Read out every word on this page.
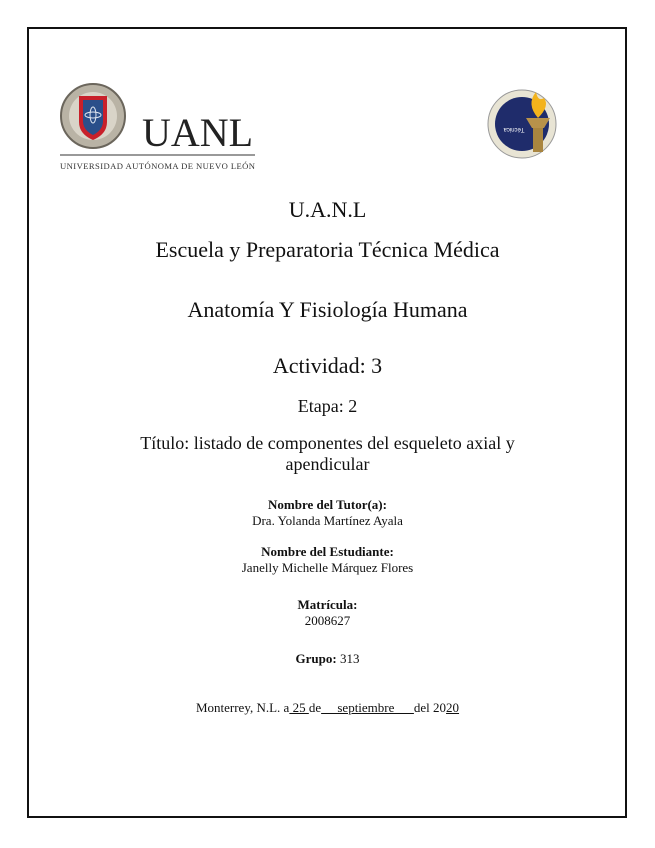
UANL
UNIVERSIDAD AUTÓNOMA DE NUEVO LEÓN
Técnica
U.A.N.L
Escuela y Preparatoria Técnica Médica
Anatomía Y Fisiología Humana
Actividad: 3
Etapa: 2
Título: listado de componentes del esqueleto axial y
apendicular
Nombre del Tutor(a):
Dra. Yolanda Martínez Ayala
Nombre del Estudiante:
Janelly Michelle Márquez Flores
Matrícula:
2008627
Grupo: 313
Monterrey, N.L. a 25 de     septiembre      del 2020
